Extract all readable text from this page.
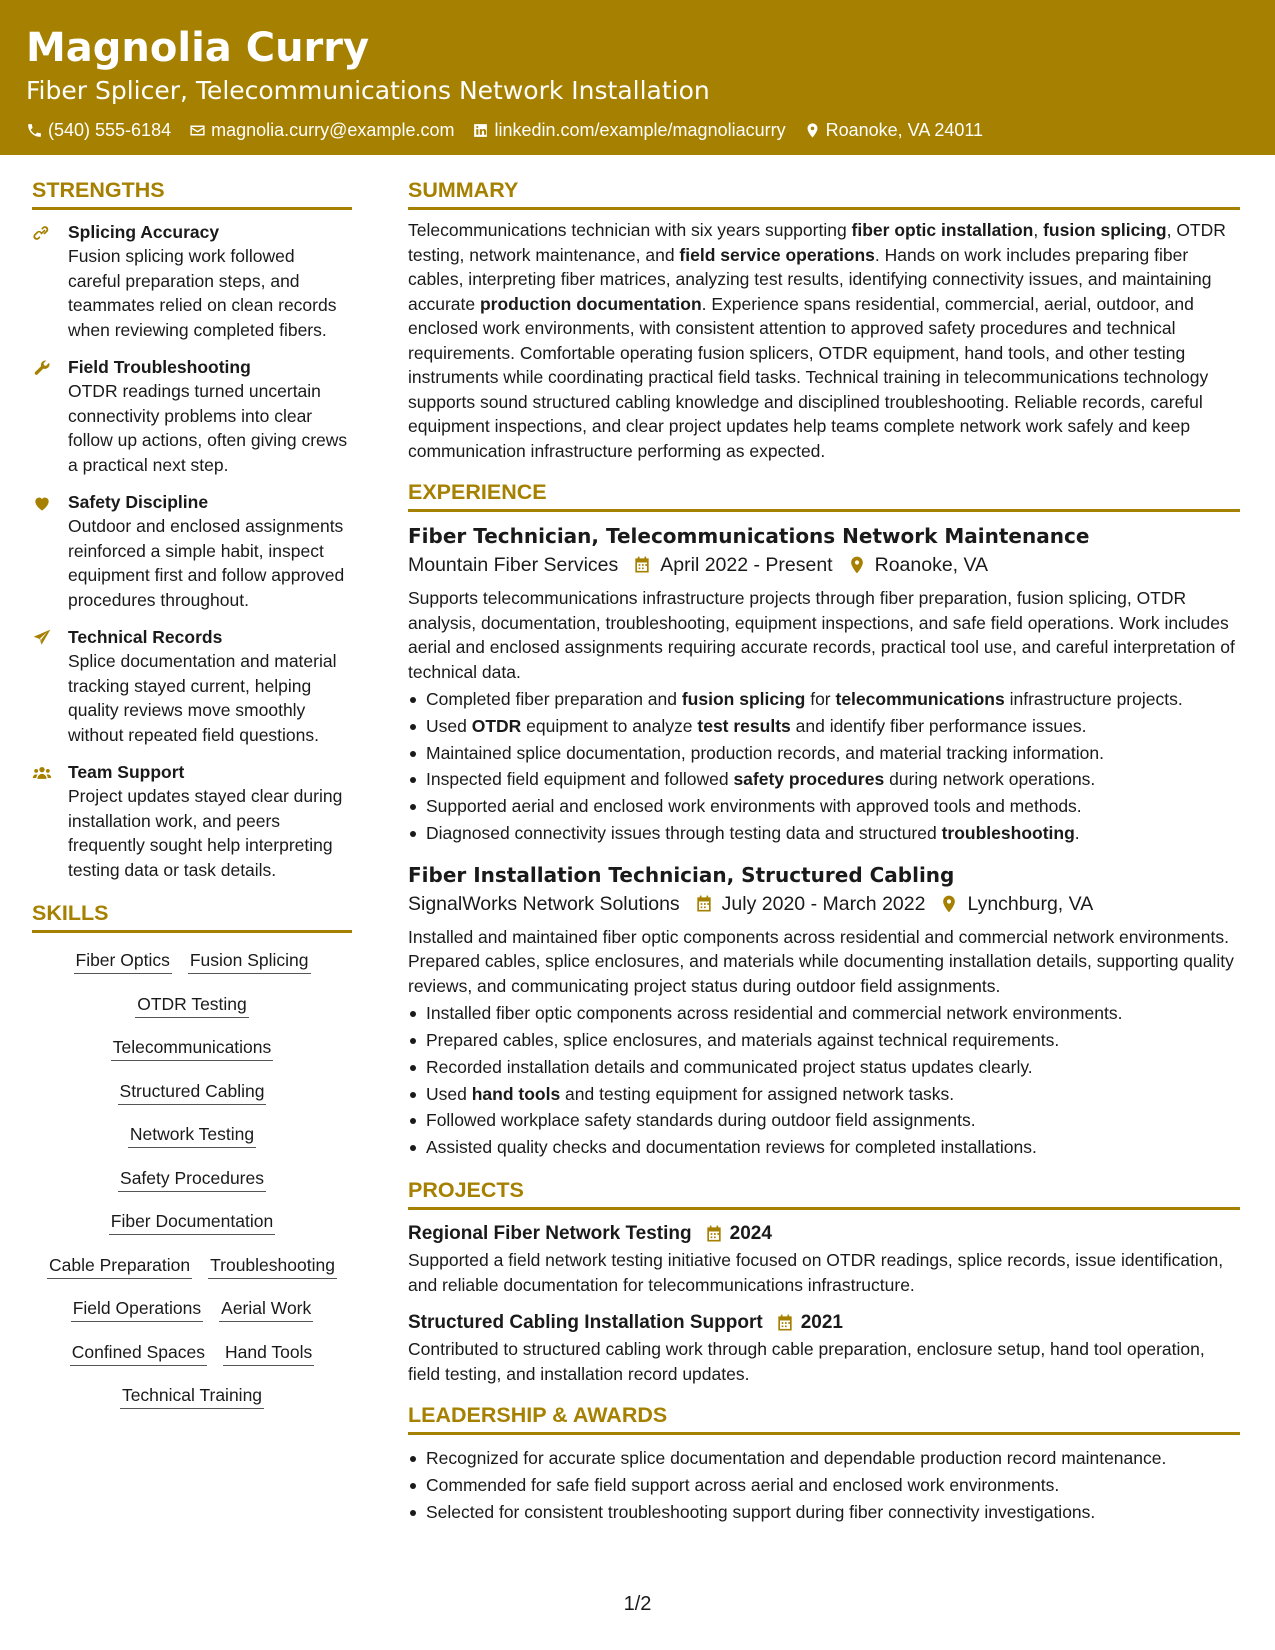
Magnolia Curry
Fiber Splicer, Telecommunications Network Installation
(540) 555-6184 magnolia.curry@example.com linkedin.com/example/magnoliacurry Roanoke, VA 24011
STRENGTHS
Splicing Accuracy
Fusion splicing work followed careful preparation steps, and teammates relied on clean records when reviewing completed fibers.
Field Troubleshooting
OTDR readings turned uncertain connectivity problems into clear follow up actions, often giving crews a practical next step.
Safety Discipline
Outdoor and enclosed assignments reinforced a simple habit, inspect equipment first and follow approved procedures throughout.
Technical Records
Splice documentation and material tracking stayed current, helping quality reviews move smoothly without repeated field questions.
Team Support
Project updates stayed clear during installation work, and peers frequently sought help interpreting testing data or task details.
SKILLS
Fiber Optics Fusion Splicing
OTDR Testing
Telecommunications
Structured Cabling
Network Testing
Safety Procedures
Fiber Documentation
Cable Preparation Troubleshooting
Field Operations Aerial Work
Confined Spaces Hand Tools
Technical Training
SUMMARY
Telecommunications technician with six years supporting fiber optic installation, fusion splicing, OTDR testing, network maintenance, and field service operations. Hands on work includes preparing fiber cables, interpreting fiber matrices, analyzing test results, identifying connectivity issues, and maintaining accurate production documentation. Experience spans residential, commercial, aerial, outdoor, and enclosed work environments, with consistent attention to approved safety procedures and technical requirements. Comfortable operating fusion splicers, OTDR equipment, hand tools, and other testing instruments while coordinating practical field tasks. Technical training in telecommunications technology supports sound structured cabling knowledge and disciplined troubleshooting. Reliable records, careful equipment inspections, and clear project updates help teams complete network work safely and keep communication infrastructure performing as expected.
EXPERIENCE
Fiber Technician, Telecommunications Network Maintenance
Mountain Fiber Services April 2022 - Present Roanoke, VA
Supports telecommunications infrastructure projects through fiber preparation, fusion splicing, OTDR analysis, documentation, troubleshooting, equipment inspections, and safe field operations. Work includes aerial and enclosed assignments requiring accurate records, practical tool use, and careful interpretation of technical data.
Completed fiber preparation and fusion splicing for telecommunications infrastructure projects.
Used OTDR equipment to analyze test results and identify fiber performance issues.
Maintained splice documentation, production records, and material tracking information.
Inspected field equipment and followed safety procedures during network operations.
Supported aerial and enclosed work environments with approved tools and methods.
Diagnosed connectivity issues through testing data and structured troubleshooting.
Fiber Installation Technician, Structured Cabling
SignalWorks Network Solutions July 2020 - March 2022 Lynchburg, VA
Installed and maintained fiber optic components across residential and commercial network environments. Prepared cables, splice enclosures, and materials while documenting installation details, supporting quality reviews, and communicating project status during outdoor field assignments.
Installed fiber optic components across residential and commercial network environments.
Prepared cables, splice enclosures, and materials against technical requirements.
Recorded installation details and communicated project status updates clearly.
Used hand tools and testing equipment for assigned network tasks.
Followed workplace safety standards during outdoor field assignments.
Assisted quality checks and documentation reviews for completed installations.
PROJECTS
Regional Fiber Network Testing 2024
Supported a field network testing initiative focused on OTDR readings, splice records, issue identification, and reliable documentation for telecommunications infrastructure.
Structured Cabling Installation Support 2021
Contributed to structured cabling work through cable preparation, enclosure setup, hand tool operation, field testing, and installation record updates.
LEADERSHIP & AWARDS
Recognized for accurate splice documentation and dependable production record maintenance.
Commended for safe field support across aerial and enclosed work environments.
Selected for consistent troubleshooting support during fiber connectivity investigations.
1/2
